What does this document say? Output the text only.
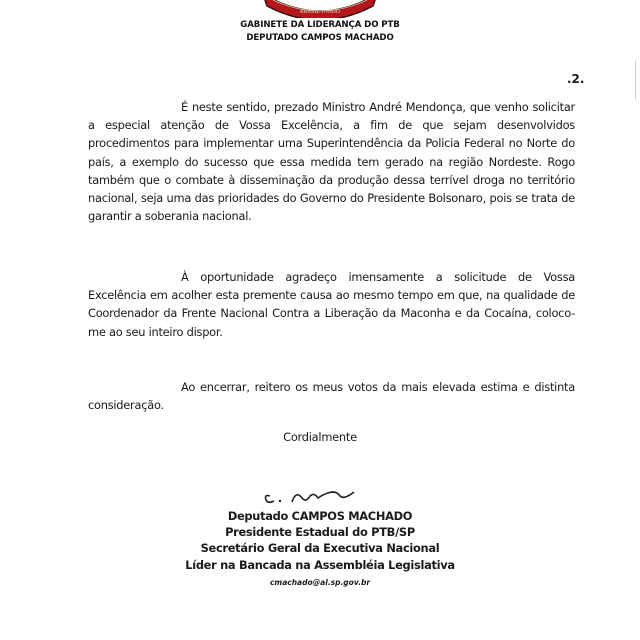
BRASIL UNIDO
GABINETE DA LIDERANÇA DO PTB
DEPUTADO CAMPOS MACHADO
.2.
É neste sentido, prezado Ministro André Mendonça, que venho solicitar a especial atenção de Vossa Excelência, a fim de que sejam desenvolvidos procedimentos para implementar uma Superintendência da Policia Federal no Norte do país, a exemplo do sucesso que essa medida tem gerado na região Nordeste. Rogo também que o combate à disseminação da produção dessa terrível droga no território nacional, seja uma das prioridades do Governo do Presidente Bolsonaro, pois se trata de garantir a soberania nacional.
À oportunidade agradeço imensamente a solicitude de Vossa Excelência em acolher esta premente causa ao mesmo tempo em que, na qualidade de Coordenador da Frente Nacional Contra a Liberação da Maconha e da Cocaína, coloco-me ao seu inteiro dispor.
Ao encerrar, reitero os meus votos da mais elevada estima e distinta consideração.
Cordialmente
Deputado CAMPOS MACHADO
Presidente Estadual do PTB/SP
Secretário Geral da Executiva Nacional
Líder na Bancada na Assembléia Legislativa
cmachado@al.sp.gov.br
